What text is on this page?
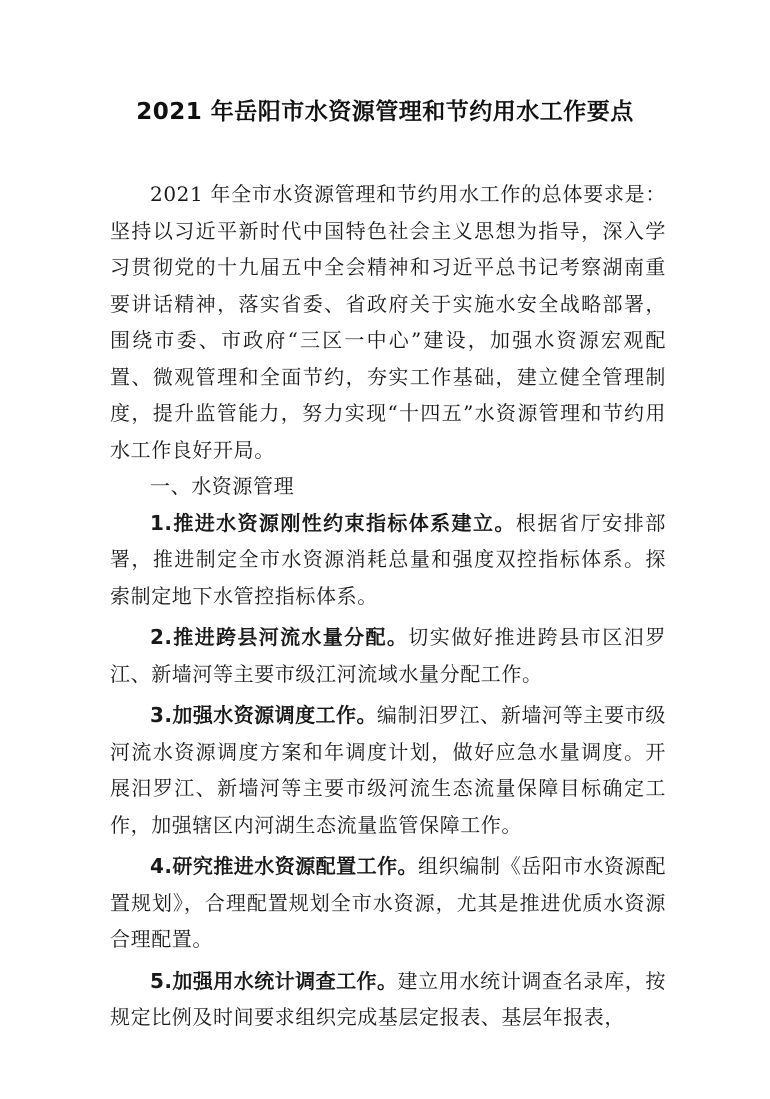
2021 年岳阳市水资源管理和节约用水工作要点

2021 年全市水资源管理和节约用水工作的总体要求是：坚持以习近平新时代中国特色社会主义思想为指导，深入学习贯彻党的十九届五中全会精神和习近平总书记考察湖南重要讲话精神，落实省委、省政府关于实施水安全战略部署，围绕市委、市政府“三区一中心”建设，加强水资源宏观配置、微观管理和全面节约，夯实工作基础，建立健全管理制度，提升监管能力，努力实现“十四五”水资源管理和节约用水工作良好开局。

一、水资源管理

1.推进水资源刚性约束指标体系建立。根据省厅安排部署，推进制定全市水资源消耗总量和强度双控指标体系。探索制定地下水管控指标体系。

2.推进跨县河流水量分配。切实做好推进跨县市区汨罗江、新墙河等主要市级江河流域水量分配工作。

3.加强水资源调度工作。编制汨罗江、新墙河等主要市级河流水资源调度方案和年调度计划，做好应急水量调度。开展汨罗江、新墙河等主要市级河流生态流量保障目标确定工作，加强辖区内河湖生态流量监管保障工作。

4.研究推进水资源配置工作。组织编制《岳阳市水资源配置规划》，合理配置规划全市水资源，尤其是推进优质水资源合理配置。

5.加强用水统计调查工作。建立用水统计调查名录库，按规定比例及时间要求组织完成基层定报表、基层年报表，
